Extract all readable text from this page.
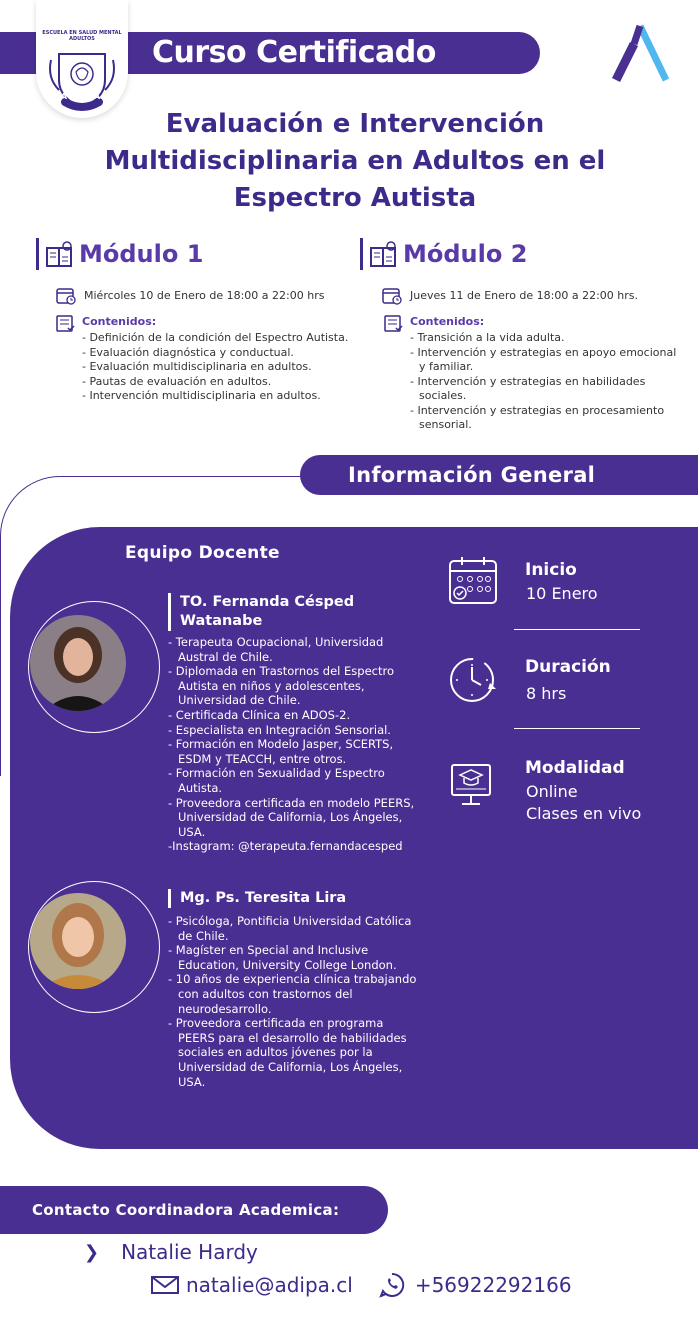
ESCUELA EN SALUD MENTAL ADULTOS
ADIPA
Curso Certificado
Evaluación e Intervención Multidisciplinaria en Adultos en el Espectro Autista
Módulo 1
Miércoles 10 de Enero de 18:00 a 22:00 hrs
Contenidos:
- Definición de la condición del Espectro Autista.
- Evaluación diagnóstica y conductual.
- Evaluación multidisciplinaria en adultos.
- Pautas de evaluación en adultos.
- Intervención multidisciplinaria en adultos.
Módulo 2
Jueves 11 de Enero de 18:00 a 22:00 hrs.
Contenidos:
- Transición a la vida adulta.
- Intervención y estrategias en apoyo emocional y familiar.
- Intervención y estrategias en habilidades sociales.
- Intervención y estrategias en procesamiento sensorial.
Información General
Equipo Docente
TO. Fernanda Césped Watanabe
- Terapeuta Ocupacional, Universidad Austral de Chile.
- Diplomada en Trastornos del Espectro Autista en niños y adolescentes, Universidad de Chile.
- Certificada Clínica en ADOS-2.
- Especialista en Integración Sensorial.
- Formación en Modelo Jasper, SCERTS, ESDM y TEACCH, entre otros.
- Formación en Sexualidad y Espectro Autista.
- Proveedora certificada en modelo PEERS, Universidad de California, Los Ángeles, USA.
-Instagram: @terapeuta.fernandacesped
Mg. Ps. Teresita Lira
- Psicóloga, Pontificia Universidad Católica de Chile.
- Magíster en Special and Inclusive Education, University College London.
- 10 años de experiencia clínica trabajando con adultos con trastornos del neurodesarrollo.
- Proveedora certificada en programa PEERS para el desarrollo de habilidades sociales en adultos jóvenes por la Universidad de California, Los Ángeles, USA.
Inicio
10 Enero
Duración
8 hrs
Modalidad
Online
Clases en vivo
Contacto Coordinadora Academica:
❯ Natalie Hardy
natalie@adipa.cl	+56922292166
